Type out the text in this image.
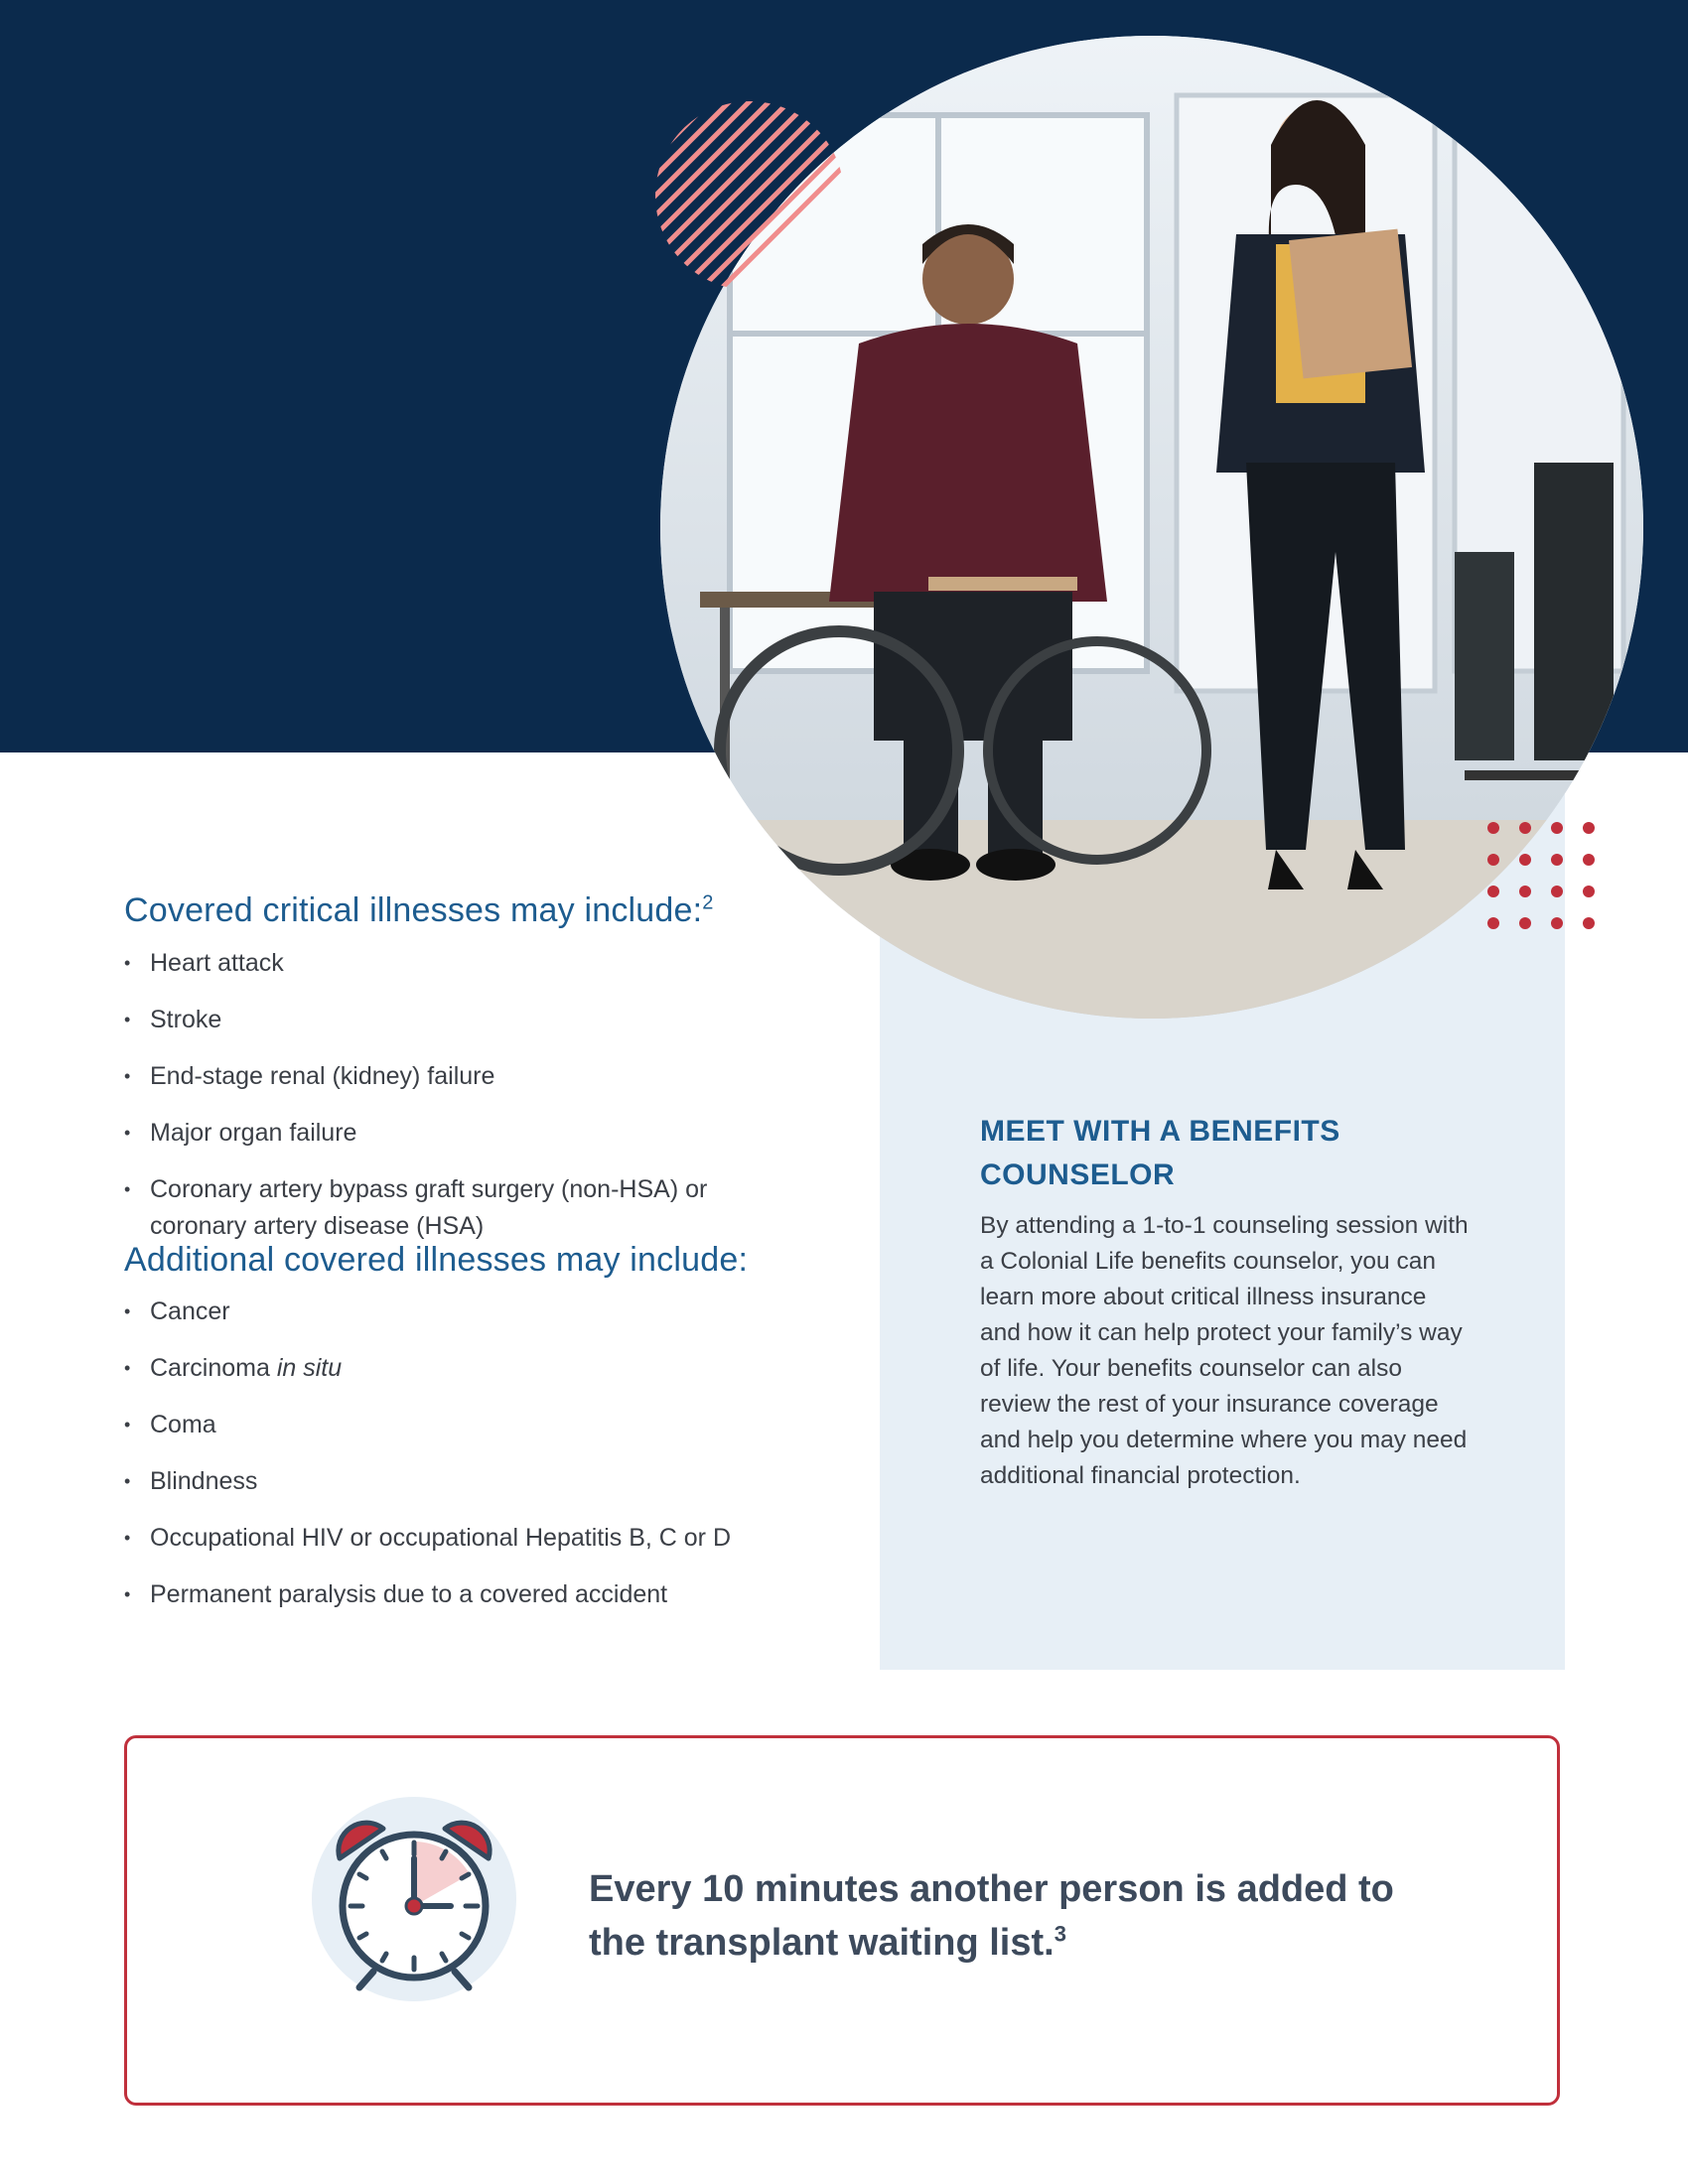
Covered critical illnesses may include:$^2$
• Heart attack
• Stroke
• End-stage renal (kidney) failure
• Major organ failure
• Coronary artery bypass graft surgery (non-HSA) or coronary artery disease (HSA)
Additional covered illnesses may include:
• Cancer
• Carcinoma in situ
• Coma
• Blindness
• Occupational HIV or occupational Hepatitis B, C or D
• Permanent paralysis due to a covered accident
MEET WITH A BENEFITS COUNSELOR

By attending a 1-to-1 counseling session with a Colonial Life benefits counselor, you can learn more about critical illness insurance and how it can help protect your family’s way of life. Your benefits counselor can also review the rest of your insurance coverage and help you determine where you may need additional financial protection.

Every 10 minutes another person is added to the transplant waiting list.$^3$
